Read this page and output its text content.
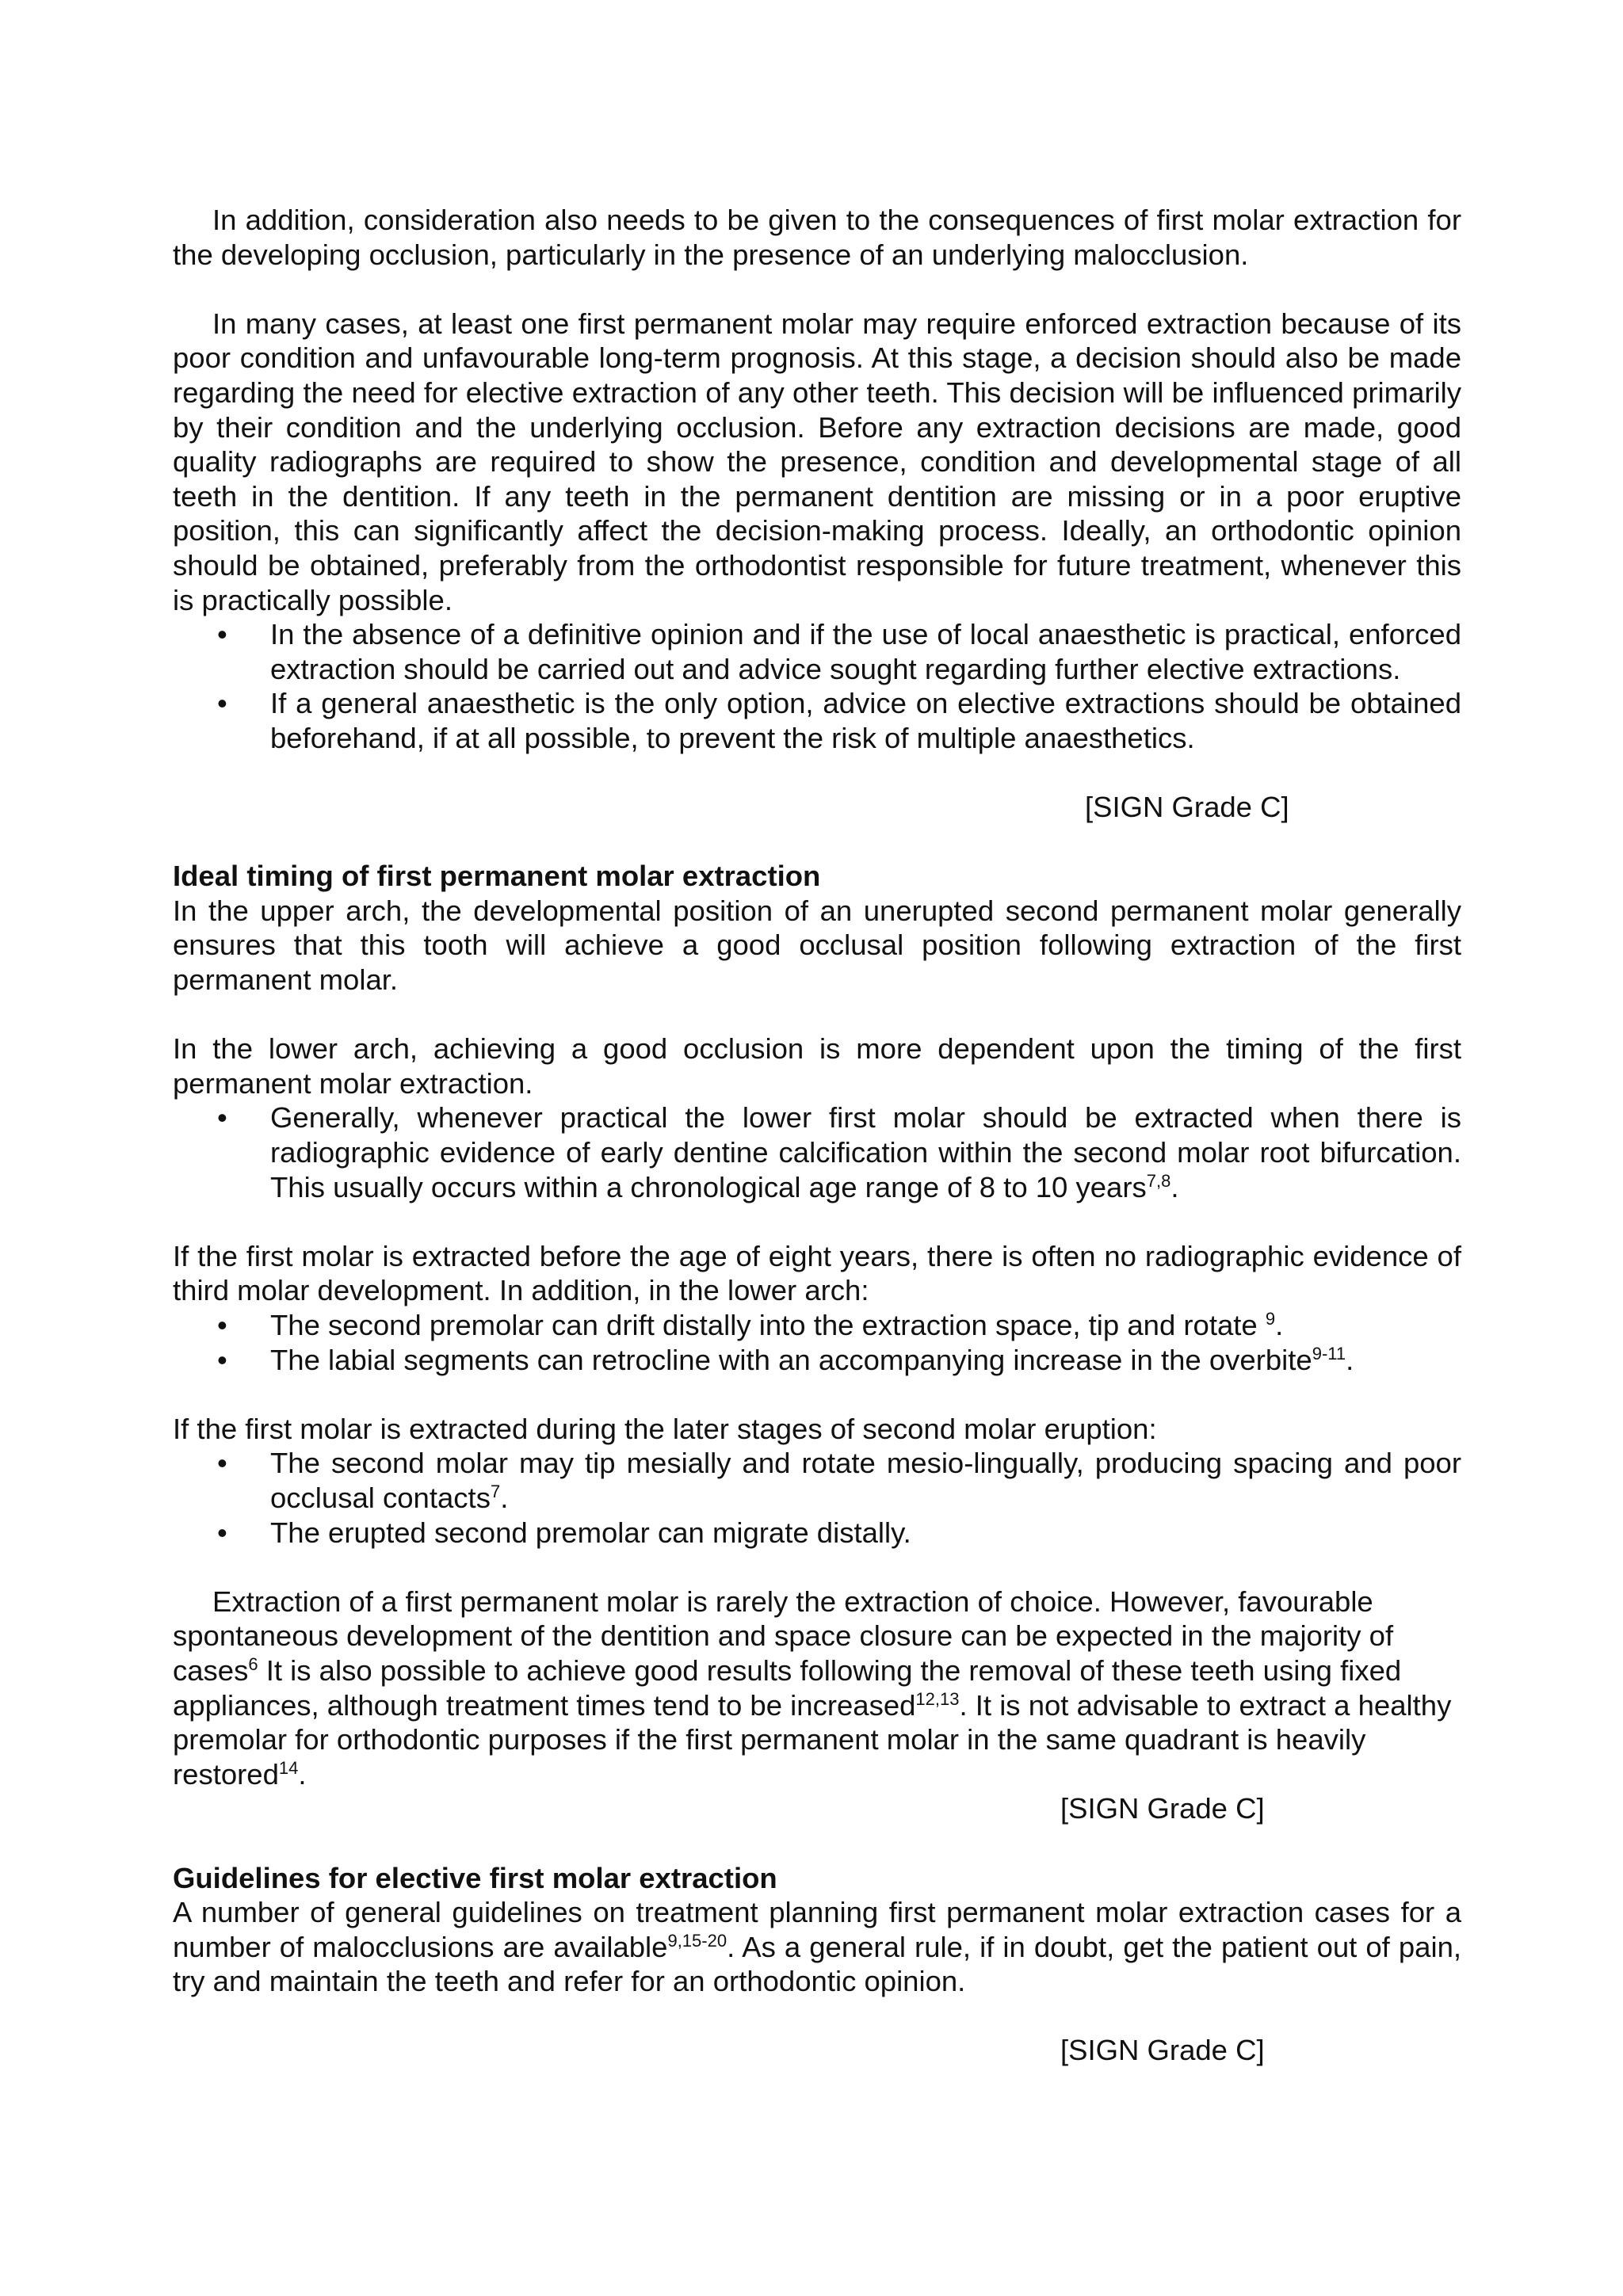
In addition, consideration also needs to be given to the consequences of first molar extraction for the developing occlusion, particularly in the presence of an underlying malocclusion.

In many cases, at least one first permanent molar may require enforced extraction because of its poor condition and unfavourable long-term prognosis. At this stage, a decision should also be made regarding the need for elective extraction of any other teeth. This decision will be influenced primarily by their condition and the underlying occlusion. Before any extraction decisions are made, good quality radiographs are required to show the presence, condition and developmental stage of all teeth in the dentition. If any teeth in the permanent dentition are missing or in a poor eruptive position, this can significantly affect the decision-making process. Ideally, an orthodontic opinion should be obtained, preferably from the orthodontist responsible for future treatment, whenever this is practically possible.

• In the absence of a definitive opinion and if the use of local anaesthetic is practical, enforced extraction should be carried out and advice sought regarding further elective extractions.
• If a general anaesthetic is the only option, advice on elective extractions should be obtained beforehand, if at all possible, to prevent the risk of multiple anaesthetics.

[SIGN Grade C]

Ideal timing of first permanent molar extraction

In the upper arch, the developmental position of an unerupted second permanent molar generally ensures that this tooth will achieve a good occlusal position following extraction of the first permanent molar.

In the lower arch, achieving a good occlusion is more dependent upon the timing of the first permanent molar extraction.

• Generally, whenever practical the lower first molar should be extracted when there is radiographic evidence of early dentine calcification within the second molar root bifurcation. This usually occurs within a chronological age range of 8 to 10 years$^{7,8}$.

If the first molar is extracted before the age of eight years, there is often no radiographic evidence of third molar development. In addition, in the lower arch:

• The second premolar can drift distally into the extraction space, tip and rotate $^9$.
• The labial segments can retrocline with an accompanying increase in the overbite$^{9-11}$.

If the first molar is extracted during the later stages of second molar eruption:

• The second molar may tip mesially and rotate mesio-lingually, producing spacing and poor occlusal contacts$^7$.
• The erupted second premolar can migrate distally.

Extraction of a first permanent molar is rarely the extraction of choice. However, favourable spontaneous development of the dentition and space closure can be expected in the majority of cases$^6$ It is also possible to achieve good results following the removal of these teeth using fixed appliances, although treatment times tend to be increased$^{12,13}$. It is not advisable to extract a healthy premolar for orthodontic purposes if the first permanent molar in the same quadrant is heavily restored$^{14}$.

[SIGN Grade C]

Guidelines for elective first molar extraction

A number of general guidelines on treatment planning first permanent molar extraction cases for a number of malocclusions are available$^{9,15-20}$. As a general rule, if in doubt, get the patient out of pain, try and maintain the teeth and refer for an orthodontic opinion.

[SIGN Grade C]
